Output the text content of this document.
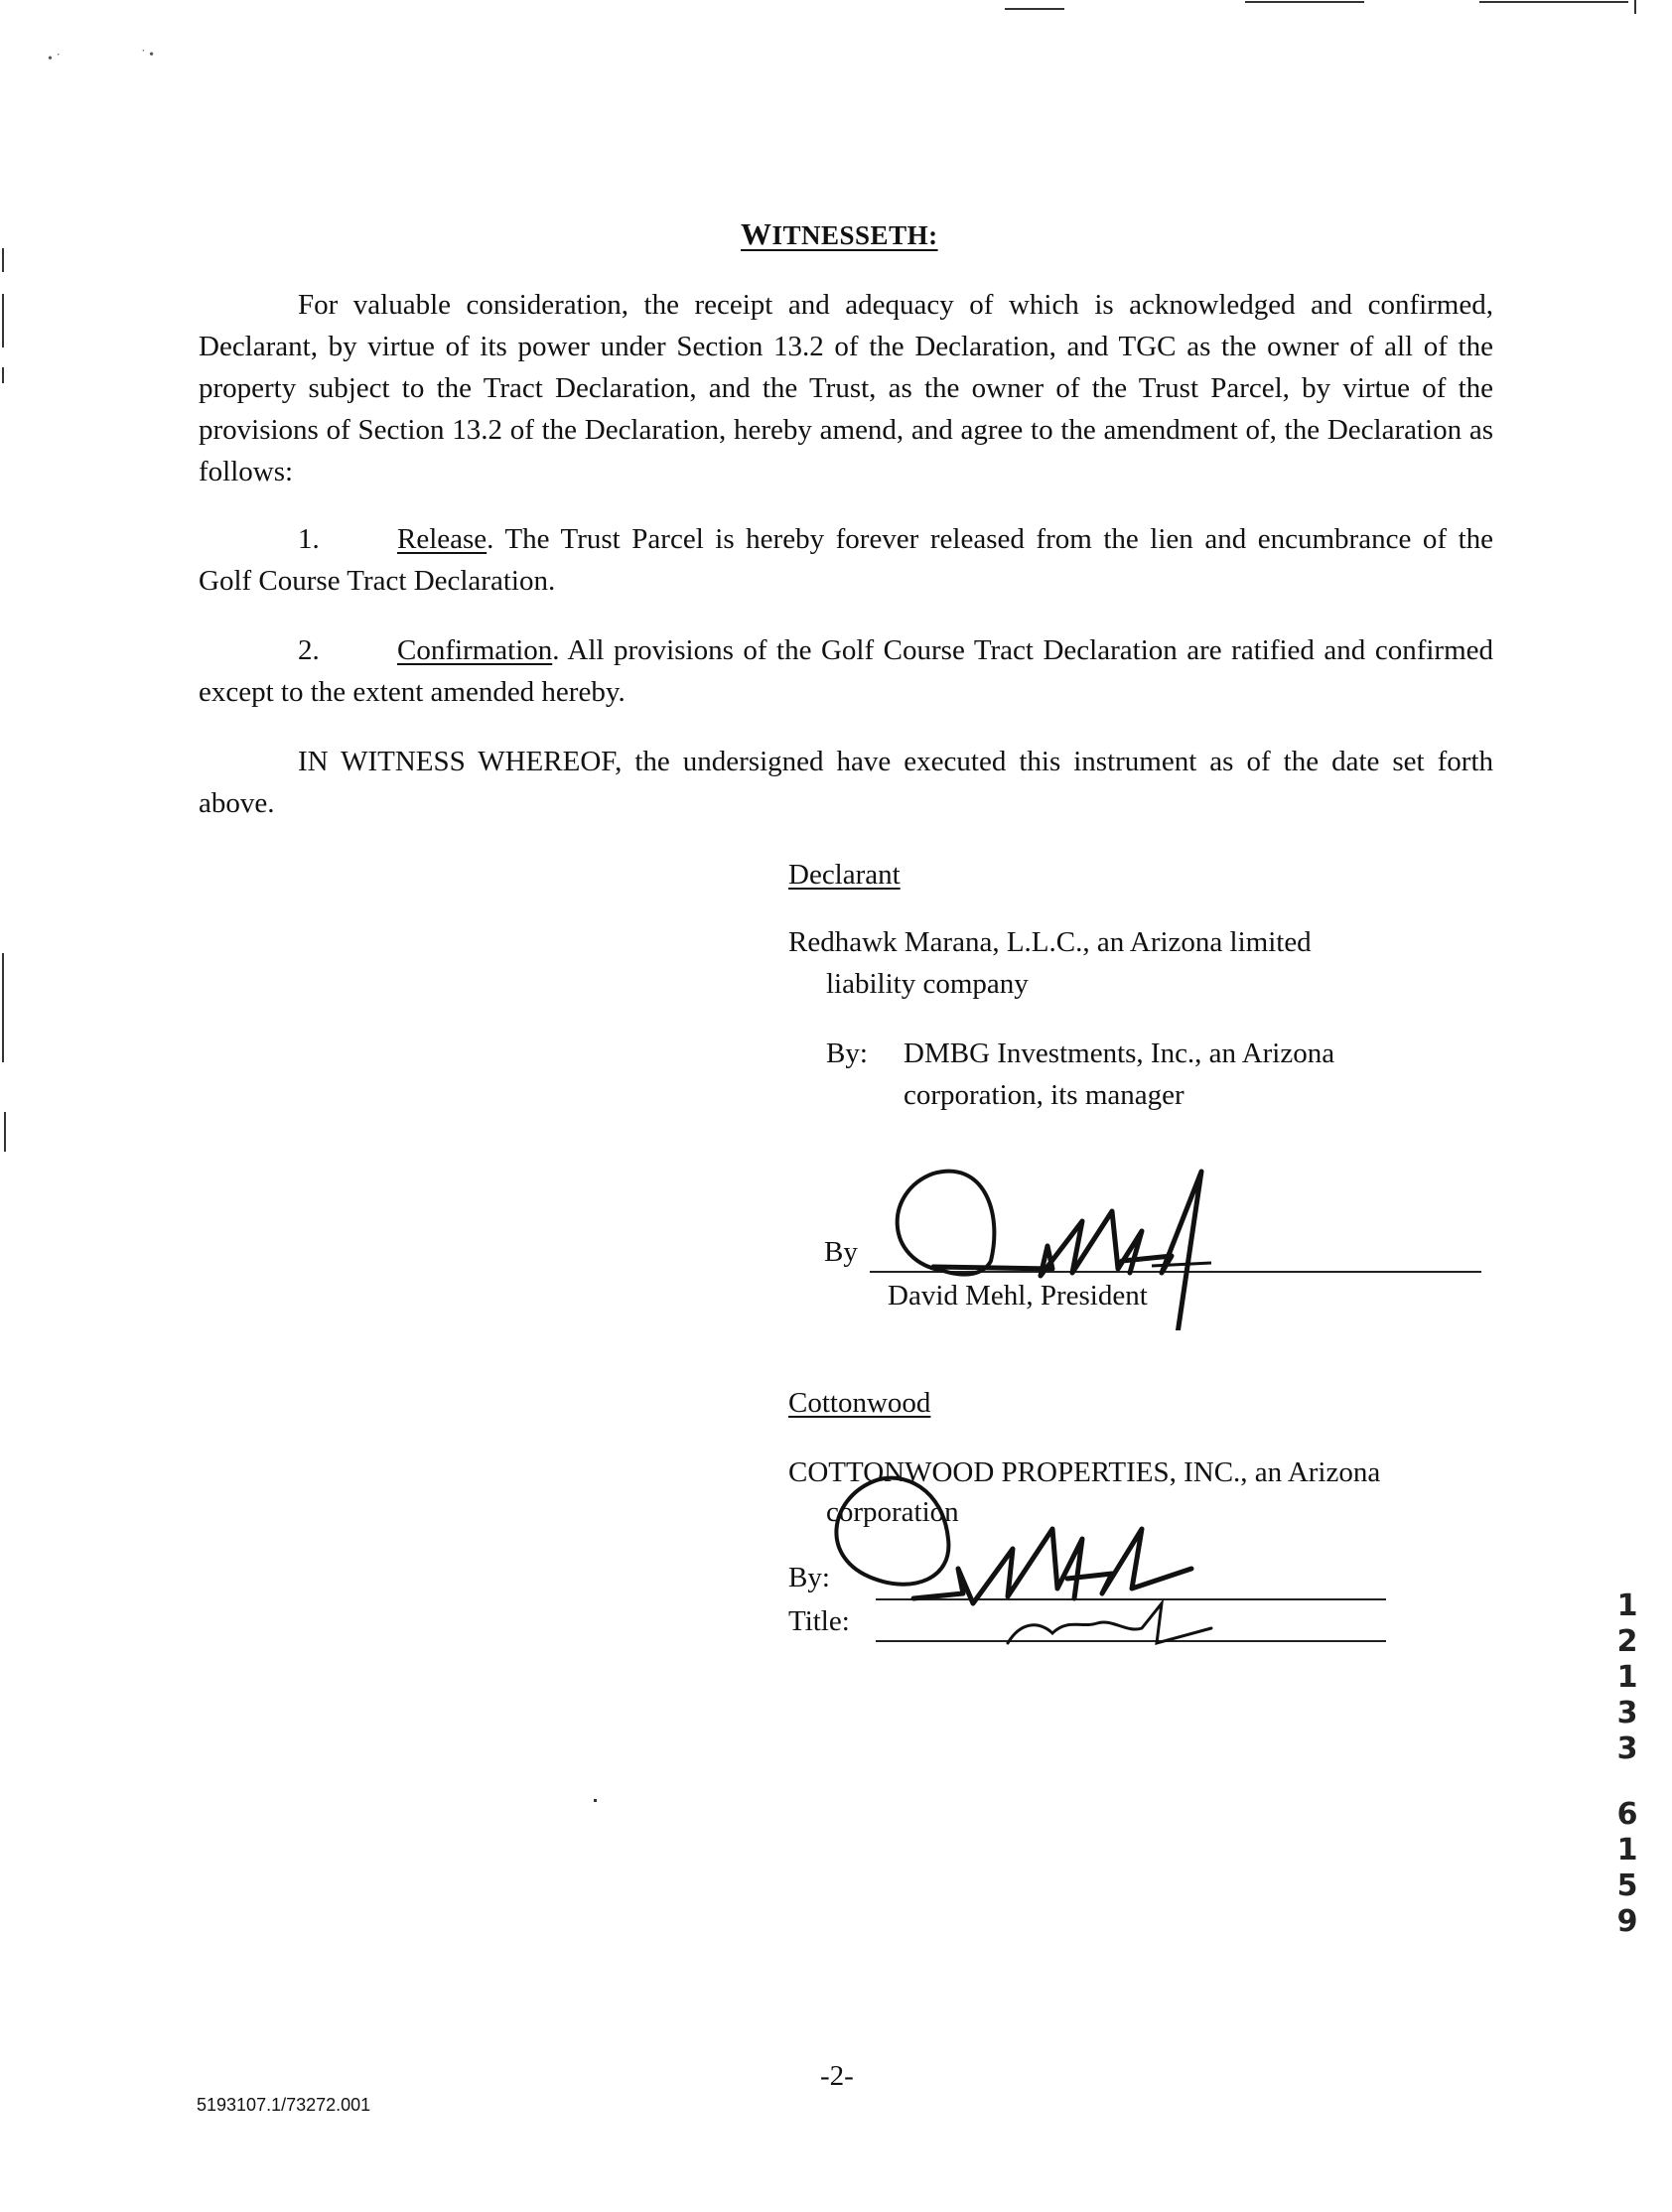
• ˙	˙ •
WITNESSETH:
For valuable consideration, the receipt and adequacy of which is acknowledged and confirmed, Declarant, by virtue of its power under Section 13.2 of the Declaration, and TGC as the owner of all of the property subject to the Tract Declaration, and the Trust, as the owner of the Trust Parcel, by virtue of the provisions of Section 13.2 of the Declaration, hereby amend, and agree to the amendment of, the Declaration as follows:
1.	Release. The Trust Parcel is hereby forever released from the lien and encumbrance of the Golf Course Tract Declaration.
2.	Confirmation. All provisions of the Golf Course Tract Declaration are ratified and confirmed except to the extent amended hereby.
IN WITNESS WHEREOF, the undersigned have executed this instrument as of the date set forth above.
Declarant
Redhawk Marana, L.L.C., an Arizona limited
liability company
By: DMBG Investments, Inc., an Arizona
corporation, its manager
By
David Mehl, President
Cottonwood
COTTONWOOD PROPERTIES, INC., an Arizona
corporation
By:
Title:	1
2
1
3
3
6
1
5
9
-2-
5193107.1/73272.001
